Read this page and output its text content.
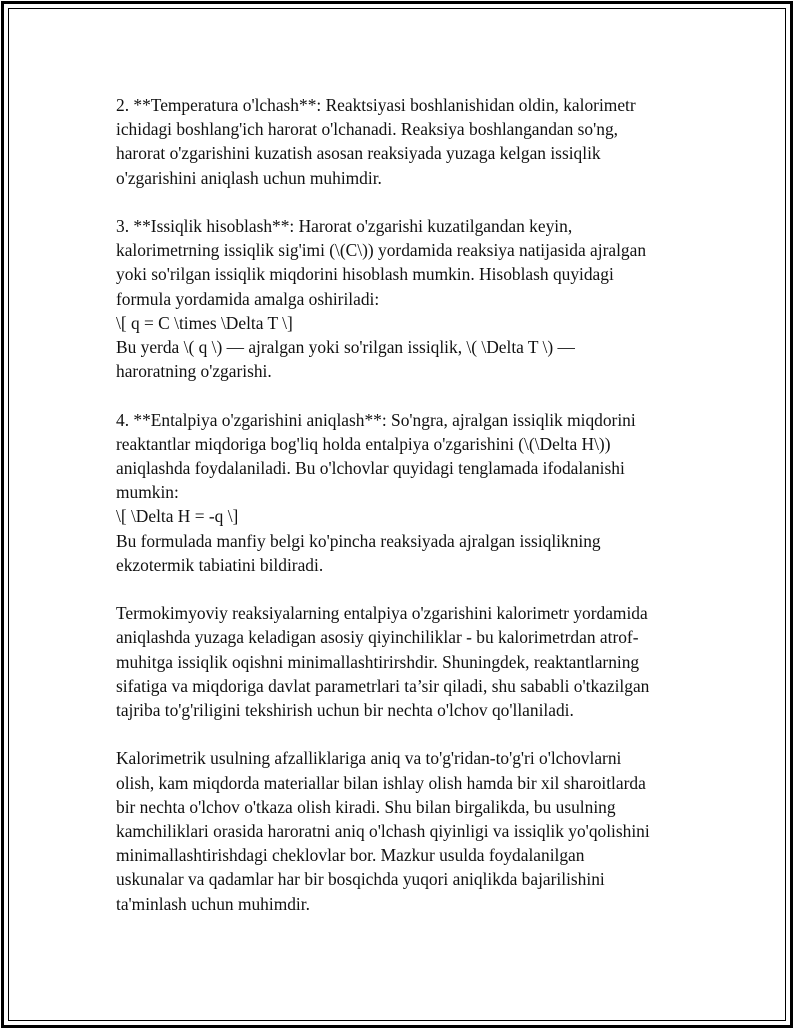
2. **Temperatura o'lchash**: Reaktsiyasi boshlanishidan oldin, kalorimetr
ichidagi boshlang'ich harorat o'lchanadi. Reaksiya boshlangandan so'ng,
harorat o'zgarishini kuzatish asosan reaksiyada yuzaga kelgan issiqlik
o'zgarishini aniqlash uchun muhimdir.

3. **Issiqlik hisoblash**: Harorat o'zgarishi kuzatilgandan keyin,
kalorimetrning issiqlik sig'imi (\(C\)) yordamida reaksiya natijasida ajralgan
yoki so'rilgan issiqlik miqdorini hisoblash mumkin. Hisoblash quyidagi
formula yordamida amalga oshiriladi:
\[ q = C \times \Delta T \]
Bu yerda \( q \) — ajralgan yoki so'rilgan issiqlik, \( \Delta T \) —
haroratning o'zgarishi.

4. **Entalpiya o'zgarishini aniqlash**: So'ngra, ajralgan issiqlik miqdorini
reaktantlar miqdoriga bog'liq holda entalpiya o'zgarishini (\(\Delta H\))
aniqlashda foydalaniladi. Bu o'lchovlar quyidagi tenglamada ifodalanishi
mumkin:
\[ \Delta H = -q \]
Bu formulada manfiy belgi ko'pincha reaksiyada ajralgan issiqlikning
ekzotermik tabiatini bildiradi.

Termokimyoviy reaksiyalarning entalpiya o'zgarishini kalorimetr yordamida
aniqlashda yuzaga keladigan asosiy qiyinchiliklar - bu kalorimetrdan atrof-
muhitga issiqlik oqishni minimallashtirirshdir. Shuningdek, reaktantlarning
sifatiga va miqdoriga davlat parametrlari ta’sir qiladi, shu sababli o'tkazilgan
tajriba to'g'riligini tekshirish uchun bir nechta o'lchov qo'llaniladi.

Kalorimetrik usulning afzalliklariga aniq va to'g'ridan-to'g'ri o'lchovlarni
olish, kam miqdorda materiallar bilan ishlay olish hamda bir xil sharoitlarda
bir nechta o'lchov o'tkaza olish kiradi. Shu bilan birgalikda, bu usulning
kamchiliklari orasida haroratni aniq o'lchash qiyinligi va issiqlik yo'qolishini
minimallashtirishdagi cheklovlar bor. Mazkur usulda foydalanilgan
uskunalar va qadamlar har bir bosqichda yuqori aniqlikda bajarilishini
ta'minlash uchun muhimdir.
